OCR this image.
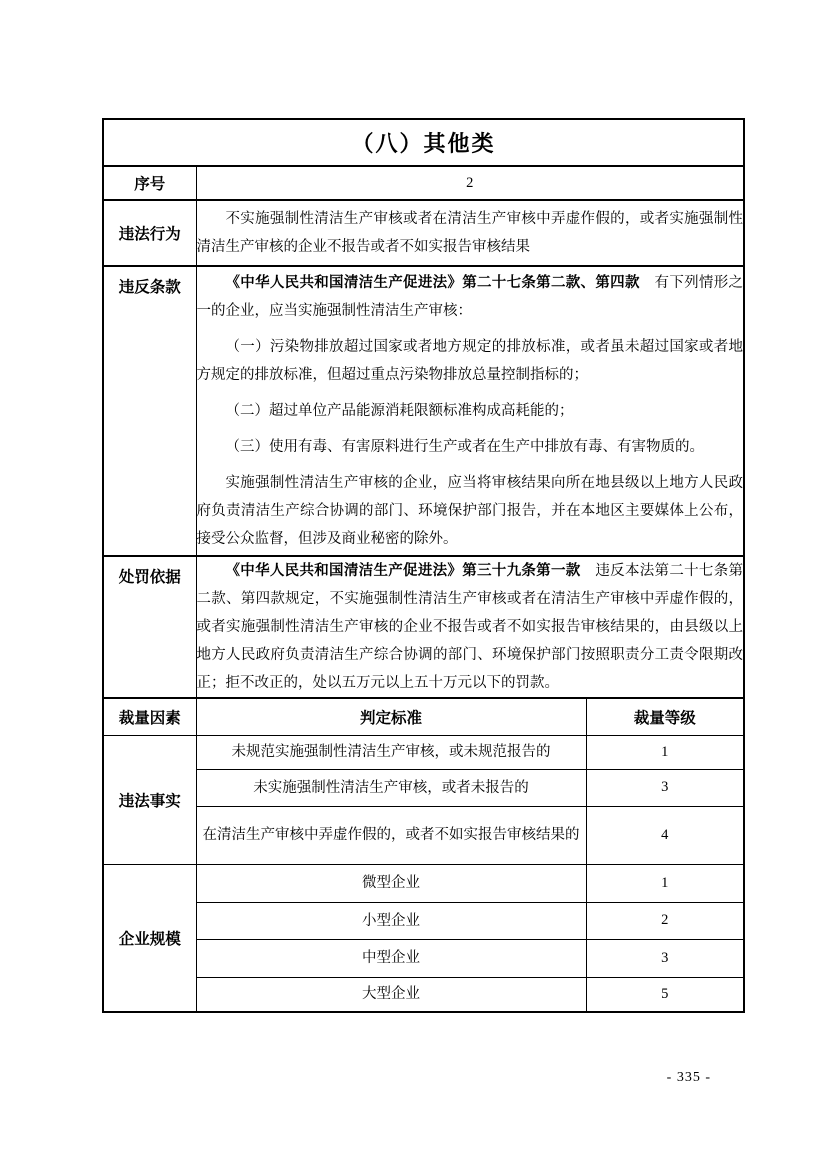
（八）其他类		
序号	2	
违法行为	不实施强制性清洁生产审核或者在清洁生产审核中弄虚作假的，或者实施强制性清洁生产审核的企业不报告或者不如实报告审核结果	

违反条款	《中华人民共和国清洁生产促进法》第二十七条第二款、第四款　有下列情形之一的企业，应当实施强制性清洁生产审核：

（一）污染物排放超过国家或者地方规定的排放标准，或者虽未超过国家或者地方规定的排放标准，但超过重点污染物排放总量控制指标的；

（二）超过单位产品能源消耗限额标准构成高耗能的；

（三）使用有毒、有害原料进行生产或者在生产中排放有毒、有害物质的。

实施强制性清洁生产审核的企业，应当将审核结果向所在地县级以上地方人民政府负责清洁生产综合协调的部门、环境保护部门报告，并在本地区主要媒体上公布，接受公众监督，但涉及商业秘密的除外。	

处罚依据	《中华人民共和国清洁生产促进法》第三十九条第一款　违反本法第二十七条第二款、第四款规定，不实施强制性清洁生产审核或者在清洁生产审核中弄虚作假的，或者实施强制性清洁生产审核的企业不报告或者不如实报告审核结果的，由县级以上地方人民政府负责清洁生产综合协调的部门、环境保护部门按照职责分工责令限期改正；拒不改正的，处以五万元以上五十万元以下的罚款。	

裁量因素	判定标准	裁量等级
违法事实	未规范实施强制性清洁生产审核，或未规范报告的	1
	未实施强制性清洁生产审核，或者未报告的	3
	在清洁生产审核中弄虚作假的，或者不如实报告审核结果的	4
企业规模	微型企业	1
	小型企业	2
	中型企业	3
	大型企业	5
- 335 -
